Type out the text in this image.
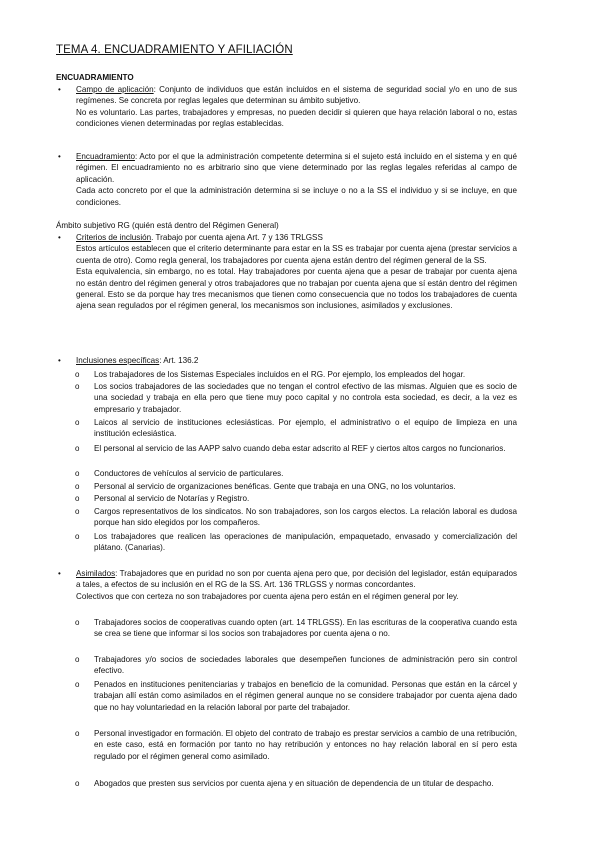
TEMA 4. ENCUADRAMIENTO Y AFILIACIÓN
ENCUADRAMIENTO
• Campo de aplicación: Conjunto de individuos que están incluidos en el sistema de seguridad social y/o en uno de sus regímenes. Se concreta por reglas legales que determinan su ámbito subjetivo.

No es voluntario. Las partes, trabajadores y empresas, no pueden decidir si quieren que haya relación laboral o no, estas condiciones vienen determinadas por reglas establecidas.

• Encuadramiento: Acto por el que la administración competente determina si el sujeto está incluido en el sistema y en qué régimen. El encuadramiento no es arbitrario sino que viene determinado por las reglas legales referidas al campo de aplicación.

Cada acto concreto por el que la administración determina si se incluye o no a la SS el individuo y si se incluye, en que condiciones.

Ámbito subjetivo RG (quién está dentro del Régimen General)
• Criterios de inclusión. Trabajo por cuenta ajena Art. 7 y 136 TRLGSS

Estos artículos establecen que el criterio determinante para estar en la SS es trabajar por cuenta ajena (prestar servicios a cuenta de otro). Como regla general, los trabajadores por cuenta ajena están dentro del régimen general de la SS.

Esta equivalencia, sin embargo, no es total. Hay trabajadores por cuenta ajena que a pesar de trabajar por cuenta ajena no están dentro del régimen general y otros trabajadores que no trabajan por cuenta ajena que sí están dentro del régimen general. Esto se da porque hay tres mecanismos que tienen como consecuencia que no todos los trabajadores de cuenta ajena sean regulados por el régimen general, los mecanismos son inclusiones, asimilados y exclusiones.

• Inclusiones específicas: Art. 136.2

o Los trabajadores de los Sistemas Especiales incluidos en el RG. Por ejemplo, los empleados del hogar.
o Los socios trabajadores de las sociedades que no tengan el control efectivo de las mismas. Alguien que es socio de una sociedad y trabaja en ella pero que tiene muy poco capital y no controla esta sociedad, es decir, a la vez es empresario y trabajador.
o Laicos al servicio de instituciones eclesiásticas. Por ejemplo, el administrativo o el equipo de limpieza en una institución eclesiástica.
o El personal al servicio de las AAPP salvo cuando deba estar adscrito al REF y ciertos altos cargos no funcionarios.
o Conductores de vehículos al servicio de particulares.
o Personal al servicio de organizaciones benéficas. Gente que trabaja en una ONG, no los voluntarios.
o Personal al servicio de Notarías y Registro.
o Cargos representativos de los sindicatos. No son trabajadores, son los cargos electos. La relación laboral es dudosa porque han sido elegidos por los compañeros.
o Los trabajadores que realicen las operaciones de manipulación, empaquetado, envasado y comercialización del plátano. (Canarias).
• Asimilados: Trabajadores que en puridad no son por cuenta ajena pero que, por decisión del legislador, están equiparados a tales, a efectos de su inclusión en el RG de la SS. Art. 136 TRLGSS y normas concordantes.

Colectivos que con certeza no son trabajadores por cuenta ajena pero están en el régimen general por ley.

o Trabajadores socios de cooperativas cuando opten (art. 14 TRLGSS). En las escrituras de la cooperativa cuando esta se crea se tiene que informar si los socios son trabajadores por cuenta ajena o no.
o Trabajadores y/o socios de sociedades laborales que desempeñen funciones de administración pero sin control efectivo.
o Penados en instituciones penitenciarias y trabajos en beneficio de la comunidad. Personas que están en la cárcel y trabajan allí están como asimilados en el régimen general aunque no se considere trabajador por cuenta ajena dado que no hay voluntariedad en la relación laboral por parte del trabajador.
o Personal investigador en formación. El objeto del contrato de trabajo es prestar servicios a cambio de una retribución, en este caso, está en formación por tanto no hay retribución y entonces no hay relación laboral en sí pero esta regulado por el régimen general como asimilado.
o Abogados que presten sus servicios por cuenta ajena y en situación de dependencia de un titular de despacho.
